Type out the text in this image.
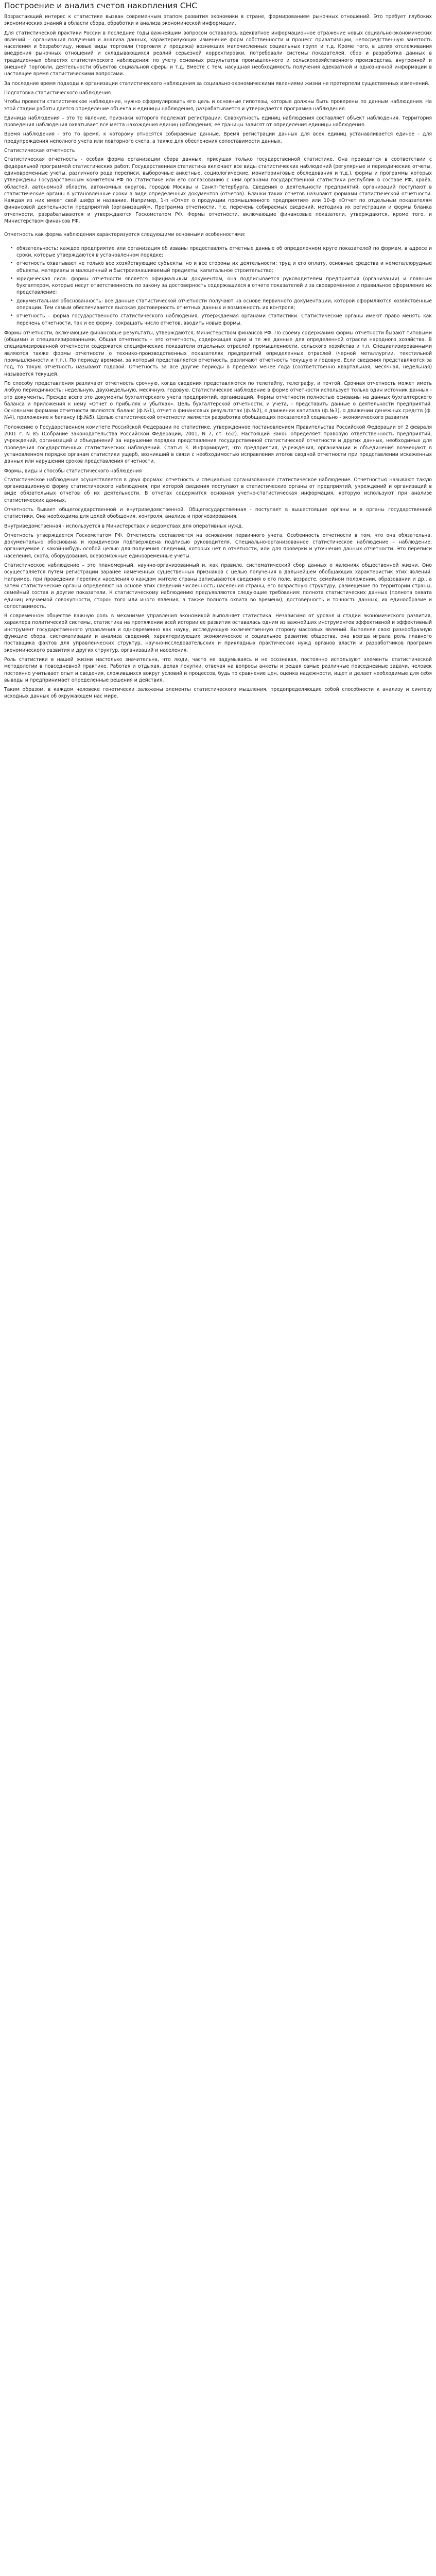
Построение и анализ счетов накопления СНС

Возрастающий интерес к статистике вызван современным этапом развития экономики в стране, формированием рыночных отношений. Это требует глубоких экономических знаний в области сбора, обработки и анализа экономической информации.

Для статистической практики России в последние годы важнейшим вопросом оставалось адекватное информационное отражение новых социально-экономических явлений – организация получения и анализа данных, характеризующих изменение форм собственности и процесс приватизации, непосредственную занятость населения и безработицу, новые виды торговли (торговля и продажа) возникших малочисленных социальных групп и т.д. Кроме того, в целях отслеживания внедрения рыночных отношений и складывающихся реалий серьезной корректировки, потребовали системы показателей, сбор и разработка данных в традиционных областях статистического наблюдения: по учету основных результатов промышленного и сельскохозяйственного производства, внутренней и внешней торговли, деятельности объектов социальной сферы и т.д. Вместе с тем, насущная необходимость получения адекватной и однозначной информации в настоящее время статистическими вопросами.

За последние время подходы к организации статистического наблюдения за социально-экономическими явлениями жизни не претерпели существенных изменений.

Подготовка статистического наблюдения

Чтобы провести статистическое наблюдение, нужно сформулировать его цель и основные гипотезы, которые должны быть проверены по данным наблюдения. На этой стадии работы дается определение объекта и единицы наблюдения, разрабатывается и утверждается программа наблюдения.

Единица наблюдения – это то явление, признаки которого подлежат регистрации. Совокупность единиц наблюдения составляет объект наблюдения. Территория проведения наблюдения охватывает все места нахождения единиц наблюдения; ее границы зависят от определения единицы наблюдения.

Время наблюдения - это то время, к которому относятся собираемые данные. Время регистрации данных для всех единиц устанавливается единое - для предупреждения неполного учета или повторного счета, а также для обеспечения сопоставимости данных.

Статистическая отчетность

Статистическая отчетность - особая форма организации сбора данных, присущая только государственной статистике. Она проводится в соответствии с федеральной программой статистических работ. Государственная статистика включает все виды статистических наблюдений (регулярные и периодические отчеты, единовременные учеты, различного рода переписи, выборочные анкетные, социологические, мониторинговые обследования и т.д.), формы и программы которых утверждены Государственным комитетом РФ по статистике или его согласованию с ним органами государственной статистики республик в составе РФ, краёв, областей, автономной области, автономных округов, городов Москвы и Санкт-Петербурга. Сведения о деятельности предприятий, организаций поступают в статистические органы в установленные сроки в виде определенных документов (отчетов). Бланки таких отчетов называют формами статистической отчетности. Каждая из них имеет свой шифр и название. Например, 1-п «Отчет о продукции промышленного предприятия» или 10-ф «Отчет по отдельным показателям финансовой деятельности предприятий (организаций)». Программа отчетности, т.е. перечень собираемых сведений, методика их регистрации и формы бланка отчетности, разрабатываются и утверждаются Госкомстатом РФ. Формы отчетности, включающие финансовые показатели, утверждаются, кроме того, и Министерством финансов РФ.

Отчетность как форма наблюдения характеризуется следующими основными особенностями:

• обязательность: каждое предприятие или организация об изваны предоставлять отчетные данные об определенном круге показателей по формам, в адресе и сроки, которые утверждаются в установленном порядке;
• отчетность охватывает не только все хозяйствующие субъекты, но и все стороны их деятельности: труд и его оплату, основные средства и неметаллорудные объекты, материалы и малоценный и быстроизнашиваемый предметы, капитальное строительство;
• юридическая сила: формы отчетности является официальным документом, она подписывается руководителем предприятия (организации) и главным бухгалтером, которые несут ответственность по закону за достоверность содержащихся в отчете показателей и за своевременное и правильное оформление их представление;
• документальная обоснованность: все данные статистической отчетности получают на основе первичного документации, которой оформляются хозяйственные операции. Тем самым обеспечивается высокая достоверность отчетных данных и возможность их контроля;
• отчетность – форма государственного статистического наблюдения, утверждаемая органами статистики. Статистические органы имеют право менять как перечень отчетности, так и ее форму, сокращать число отчетов, вводить новые формы.

Формы отчетности, включающие финансовые результаты, утверждаются, Министерством финансов РФ. По своему содержанию формы отчетности бывают типовыми (общими) и специализированными. Общая отчетность – это отчетность, содержащая одни и те же данные для определенной отрасли народного хозяйства. В специализированной отчетности содержатся специфические показатели отдельных отраслей промышленности, сельского хозяйства и т.п. Специализированными являются также формы отчетности о технико-производственных показателях предприятий определенных отраслей (черной металлургии, текстильной промышленности и т.п.). По периоду времени, за который представляется отчетность, различают отчетность текущую и годовую. Если сведения представляются за год, то такую отчетность называют годовой. Отчетность за все другие периоды в пределах менее года (соответственно квартальная, месячная, недельная) называется текущей.

По способу представления различают отчетность срочную, когда сведения представляются по телетайпу, телеграфу, и почтой. Срочная отчетность может иметь любую периодичность: недельную, двухнедельную, месячную, годовую. Статистическое наблюдение в форме отчетности использует только один источник данных - это документы. Прежде всего это документы бухгалтерского учета предприятий, организаций. Формы отчетности полностью основаны на данных бухгалтерского баланса и приложения к нему «Отчет о прибылях и убытках». Цель бухгалтерской отчетности, и учета, - представить данные о деятельности предприятий. Основными формами отчетности являются: баланс (ф.№1), отчет о финансовых результатах (ф.№2), о движении капитала (ф.№3), о движении денежных средств (ф.№4), приложение к балансу (ф.№5). Целью статистической отчетности является разработка обобщающих показателей социально - экономического развития.

Положение о Государственном комитете Российской Федерации по статистике, утвержденное постановлением Правительства Российской Федерации от 2 февраля 2001 г. N 85 (Собрание законодательства Российской Федерации, 2001, N 7, ст. 652). Настоящий Закон определяет правовую ответственность предприятий, учреждений, организаций и объединений за нарушение порядка представления государственной статистической отчетности и других данных, необходимых для проведения государственных статистических наблюдений. Статья 3. Информирует, что предприятия, учреждения, организации и объединения возмещают в установленном порядке органам статистики ущерб, возникший в связи с необходимостью исправления итогов сводной отчетности при представлении искаженных данных или нарушении сроков представления отчетности.

Формы, виды и способы статистического наблюдения

Статистическое наблюдение осуществляется в двух формах: отчетность и специально организованное статистическое наблюдение. Отчетностью называют такую организационную форму статистического наблюдения, при которой сведения поступают в статистические органы от предприятий, учреждений и организаций в виде обязательных отчетов об их деятельности. В отчетах содержится основная учетно-статистическая информация, которую используют при анализе статистических данных.

Отчетность бывает общегосударственной и внутриведомственной. Общегосударственная - поступает в вышестоящие органы и в органы государственной статистики. Она необходима для целей обобщения, контроля, анализа и прогнозирования.

Внутриведомственная - используется в Министерствах и ведомствах для оперативных нужд.

Отчетность утверждается Госкомстатом РФ. Отчетность составляется на основании первичного учета. Особенность отчетности в том, что она обязательна, документально обоснована и юридически подтверждена подписью руководителя. Специально-организованное статистическое наблюдение – наблюдение, организуемое с какой-нибудь особой целью для получения сведений, которых нет в отчетности, или для проверки и уточнения данных отчетности. Это переписи населения, скота, оборудования, всевозможные единовременные учеты.

Статистическое наблюдение – это планомерный, научно-организованный и, как правило, систематический сбор данных о явлениях общественной жизни. Оно осуществляется путем регистрации заранее намеченных существенных признаков с целью получения в дальнейшем обобщающих характеристик этих явлений. Например, при проведении переписи населения о каждом жителе страны записываются сведения о его поле, возрасте, семейном положении, образовании и др., а затем статистические органы определяют на основе этих сведений численность населения страны, его возрастную структуру, размещение по территории страны, семейный состав и другие показатели. К статистическому наблюдению предъявляются следующие требования: полнота статистических данных (полнота охвата единиц изучаемой совокупности, сторон того или иного явления, а также полнота охвата во времени); достоверность и точность данных; их единообразие и сопоставимость.

В современном обществе важную роль в механизме управления экономикой выполняет статистика. Независимо от уровня и стадии экономического развития, характера политической системы, статистика на протяжении всей истории ее развития оставалась одним из важнейших инструментов эффективной и эффективный инструмент государственного управления и одновременно как науку, исследующую количественную сторону массовых явлений. Выполняя свою разнообразную функцию сбора, систематизации и анализа сведений, характеризующих экономическое и социальное развитие общества, она всегда играла роль главного поставщика фактов для управленческих структур, научно-исследовательских и прикладных практических нужд органов власти и разработчиков программ экономического развития и других структур, организаций и населения.

Роль статистики в нашей жизни настолько значительна, что люди, часто не задумываясь и не осознавая, постоянно используют элементы статистической методологии в повседневной практике. Работая и отдыхая, делая покупки, отвечая на вопросы анкеты и решая самые различные повседневные задачи, человек постоянно учитывает опыт и сведения, сложившихся вокруг условий и процессов, будь то сравнение цен, оценка надежности, ищет и делает необходимые для себя выводы и предпринимает определенные решения и действия.

Таким образом, в каждом человеке генетически заложены элементы статистического мышления, предопределяющие собой способности к анализу и синтезу исходных данных об окружающем нас мире.
